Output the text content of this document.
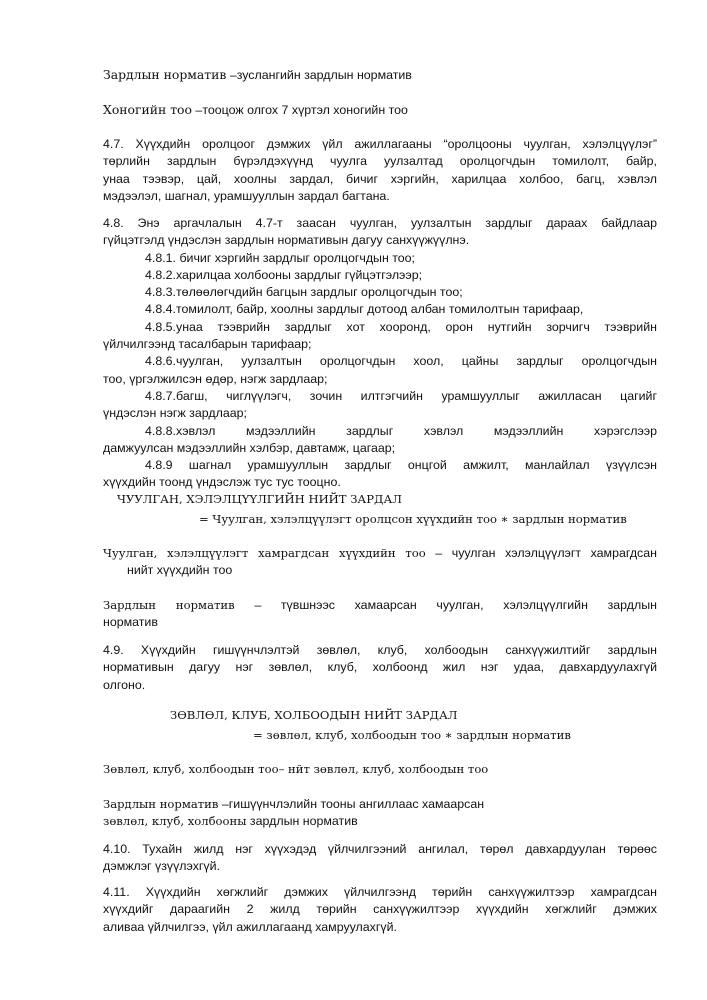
Зардлын норматив –зуслангийн зардлын норматив

Хоногийн тоо –тооцож олгох 7 хүртэл хоногийн тоо

4.7. Хүүхдийн оролцоог дэмжих үйл ажиллагааны “оролцооны чуулган, хэлэлцүүлэг”
төрлийн зардлын бүрэлдэхүүнд чуулга уулзалтад оролцогчдын томилолт, байр,
унаа тээвэр, цай, хоолны зардал, бичиг хэргийн, харилцаа холбоо, багц, хэвлэл
мэдээлэл, шагнал, урамшууллын зардал багтана.

4.8. Энэ аргачлалын 4.7-т заасан чуулган, уулзалтын зардлыг дараах байдлаар
гүйцэтгэлд үндэслэн зардлын нормативын дагуу санхүүжүүлнэ.
4.8.1. бичиг хэргийн зардлыг оролцогчдын тоо;
4.8.2.харилцаа холбооны зардлыг гүйцэтгэлээр;
4.8.3.төлөөлөгчдийн багцын зардлыг оролцогчдын тоо;
4.8.4.томилолт, байр, хоолны зардлыг дотоод албан томилолтын тарифаар,
4.8.5.унаа тээврийн зардлыг хот хооронд, орон нутгийн зорчигч тээврийн
үйлчилгээнд тасалбарын тарифаар;
4.8.6.чуулган, уулзалтын оролцогчдын хоол, цайны зардлыг оролцогчдын
тоо, үргэлжилсэн өдөр, нэгж зардлаар;
4.8.7.багш, чиглүүлэгч, зочин илтгэгчийн урамшууллыг ажилласан цагийг
үндэслэн нэгж зардлаар;
4.8.8.хэвлэл мэдээллийн зардлыг хэвлэл мэдээллийн хэрэгслээр
дамжуулсан мэдээллийн хэлбэр, давтамж, цагаар;
4.8.9 шагнал урамшууллын зардлыг онцгой амжилт, манлайлал үзүүлсэн
хүүхдийн тоонд үндэслэж тус тус тооцно.

ЧУУЛГАН, ХЭЛЭЛЦҮҮЛГИЙН НИЙТ ЗАРДАЛ
= Чуулган, хэлэлцүүлэгт оролцсон хүүхдийн тоо ∗ зардлын норматив

Чуулган, хэлэлцүүлэгт хамрагдсан хүүхдийн тоо – чуулган хэлэлцүүлэгт хамрагдсан
нийт хүүхдийн тоо

Зардлын норматив – түвшнээс хамаарсан чуулган, хэлэлцүүлгийн зардлын
норматив

4.9. Хүүхдийн гишүүнчлэлтэй зөвлөл, клуб, холбоодын санхүүжилтийг зардлын
нормативын дагуу нэг зөвлөл, клуб, холбоонд жил нэг удаа, давхардуулахгүй
олгоно.

ЗӨВЛӨЛ, КЛУБ, ХОЛБООДЫН НИЙТ ЗАРДАЛ
= зөвлөл, клуб, холбоодын тоо ∗ зардлын норматив

Зөвлөл, клуб, холбоодын тоо– нйт зөвлөл, клуб, холбоодын тоо

Зардлын норматив –гишүүнчлэлийн тооны ангиллаас хамаарсан
зөвлөл, клуб, холбооны зардлын норматив

4.10. Тухайн жилд нэг хүүхэдэд үйлчилгээний ангилал, төрөл давхардуулан төрөөс
дэмжлэг үзүүлэхгүй.

4.11. Хүүхдийн хөгжлийг дэмжих үйлчилгээнд төрийн санхүүжилтээр хамрагдсан
хүүхдийг дараагийн 2 жилд төрийн санхүүжилтээр хүүхдийн хөгжлийг дэмжих
аливаа үйлчилгээ, үйл ажиллагаанд хамруулахгүй.
